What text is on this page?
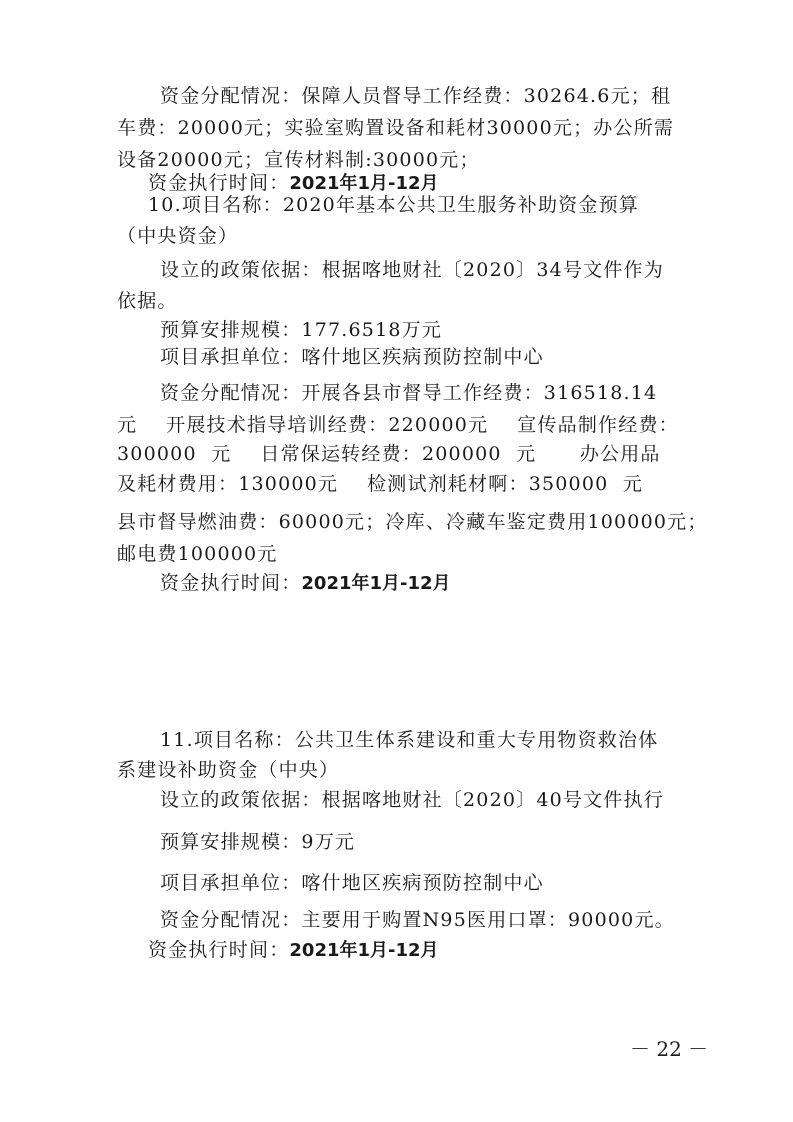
资金分配情况：保障人员督导工作经费：30264.6元；租
车费：20000元；实验室购置设备和耗材30000元；办公所需
设备20000元；宣传材料制:30000元；
资金执行时间：2021年1月-12月
10.项目名称：2020年基本公共卫生服务补助资金预算
（中央资金）
设立的政策依据：根据喀地财社〔2020〕34号文件作为
依据。
预算安排规模：177.6518万元
项目承担单位：喀什地区疾病预防控制中心
资金分配情况：开展各县市督导工作经费：316518.14
元    开展技术指导培训经费：220000元    宣传品制作经费：
300000  元    日常保运转经费：200000  元      办公用品
及耗材费用：130000元    检测试剂耗材啊：350000  元
县市督导燃油费：60000元；冷库、冷藏车鉴定费用100000元；
邮电费100000元
资金执行时间：2021年1月-12月
11.项目名称：公共卫生体系建设和重大专用物资救治体
系建设补助资金（中央）
设立的政策依据：根据喀地财社〔2020〕40号文件执行
预算安排规模：9万元
项目承担单位：喀什地区疾病预防控制中心
资金分配情况：主要用于购置N95医用口罩：90000元。
资金执行时间：2021年1月-12月
－ 22 －
